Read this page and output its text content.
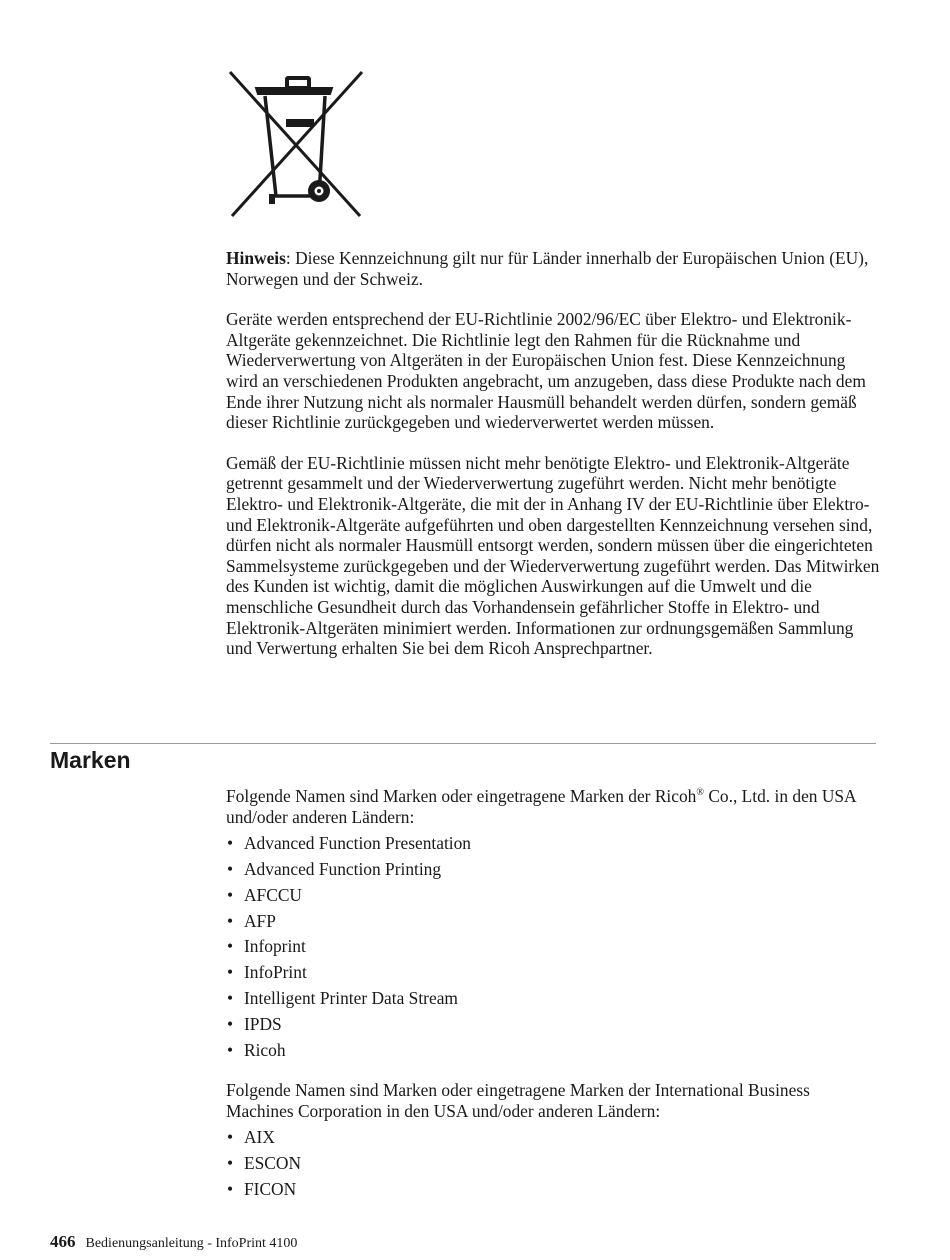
Hinweis: Diese Kennzeichnung gilt nur für Länder innerhalb der Europäischen Union (EU), Norwegen und der Schweiz.

Geräte werden entsprechend der EU-Richtlinie 2002/96/EC über Elektro- und Elektronik-Altgeräte gekennzeichnet. Die Richtlinie legt den Rahmen für die Rücknahme und Wiederverwertung von Altgeräten in der Europäischen Union fest. Diese Kennzeichnung wird an verschiedenen Produkten angebracht, um anzugeben, dass diese Produkte nach dem Ende ihrer Nutzung nicht als normaler Hausmüll behandelt werden dürfen, sondern gemäß dieser Richtlinie zurückgegeben und wiederverwertet werden müssen.

Gemäß der EU-Richtlinie müssen nicht mehr benötigte Elektro- und Elektronik-Altgeräte getrennt gesammelt und der Wiederverwertung zugeführt werden. Nicht mehr benötigte Elektro- und Elektronik-Altgeräte, die mit der in Anhang IV der EU-Richtlinie über Elektro- und Elektronik-Altgeräte aufgeführten und oben dargestellten Kennzeichnung versehen sind, dürfen nicht als normaler Hausmüll entsorgt werden, sondern müssen über die eingerichteten Sammelsysteme zurückgegeben und der Wiederverwertung zugeführt werden. Das Mitwirken des Kunden ist wichtig, damit die möglichen Auswirkungen auf die Umwelt und die menschliche Gesundheit durch das Vorhandensein gefährlicher Stoffe in Elektro- und Elektronik-Altgeräten minimiert werden. Informationen zur ordnungsgemäßen Sammlung und Verwertung erhalten Sie bei dem Ricoh Ansprechpartner.

Marken

Folgende Namen sind Marken oder eingetragene Marken der Ricoh® Co., Ltd. in den USA und/oder anderen Ländern:

• Advanced Function Presentation
• Advanced Function Printing
• AFCCU
• AFP
• Infoprint
• InfoPrint
• Intelligent Printer Data Stream
• IPDS
• Ricoh

Folgende Namen sind Marken oder eingetragene Marken der International Business Machines Corporation in den USA und/oder anderen Ländern:

• AIX
• ESCON
• FICON
466 Bedienungsanleitung - InfoPrint 4100
